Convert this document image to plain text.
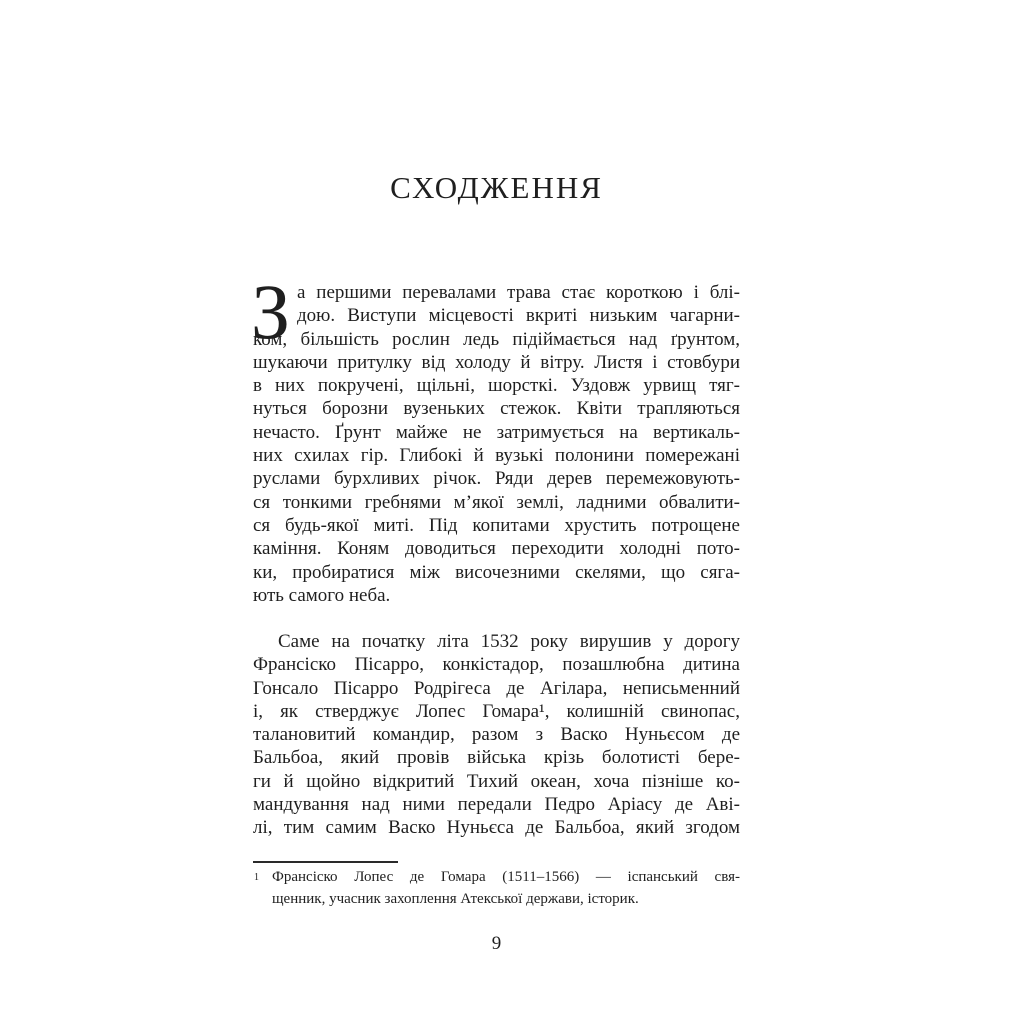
СХОДЖЕННЯ
З а першими перевалами трава стає короткою і блі-
дою. Виступи місцевості вкриті низьким чагарни-
ком, більшість рослин ледь підіймається над ґрунтом,
шукаючи притулку від холоду й вітру. Листя і стовбури
в них покручені, щільні, шорсткі. Уздовж урвищ тяг-
нуться борозни вузеньких стежок. Квіти трапляються
нечасто. Ґрунт майже не затримується на вертикаль-
них схилах гір. Глибокі й вузькі полонини помережані
руслами бурхливих річок. Ряди дерев перемежовують-
ся тонкими гребнями м’якої землі, ладними обвалити-
ся будь-якої миті. Під копитами хрустить потрощене
каміння. Коням доводиться переходити холодні пото-
ки, пробиратися між височезними скелями, що сяга-
ють самого неба.
Саме на початку літа 1532 року вирушив у дорогу
Франсіско Пісарро, конкістадор, позашлюбна дитина
Гонсало Пісарро Родрігеса де Агілара, неписьменний
і, як стверджує Лопес Гомара¹, колишній свинопас,
талановитий командир, разом з Васко Нуньєсом де
Бальбоа, який провів війська крізь болотисті бере-
ги й щойно відкритий Тихий океан, хоча пізніше ко-
мандування над ними передали Педро Аріасу де Аві-
лі, тим самим Васко Нуньєса де Бальбоа, який згодом
1 Франсіско Лопес де Гомара (1511–1566) — іспанський свя-
щенник, учасник захоплення Атекської держави, історик.
9
